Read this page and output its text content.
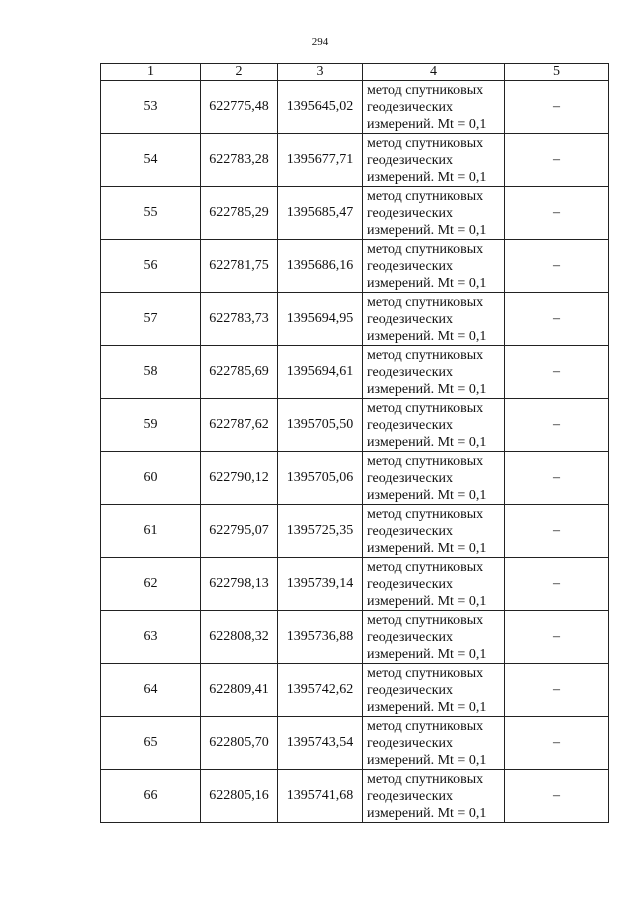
294
1	2	3	4	5
53	622775,48	1395645,02	метод спутниковых
геодезических
измерений. Mt = 0,1	–
54	622783,28	1395677,71	метод спутниковых
геодезических
измерений. Mt = 0,1	–
55	622785,29	1395685,47	метод спутниковых
геодезических
измерений. Mt = 0,1	–
56	622781,75	1395686,16	метод спутниковых
геодезических
измерений. Mt = 0,1	–
57	622783,73	1395694,95	метод спутниковых
геодезических
измерений. Mt = 0,1	–
58	622785,69	1395694,61	метод спутниковых
геодезических
измерений. Mt = 0,1	–
59	622787,62	1395705,50	метод спутниковых
геодезических
измерений. Mt = 0,1	–
60	622790,12	1395705,06	метод спутниковых
геодезических
измерений. Mt = 0,1	–
61	622795,07	1395725,35	метод спутниковых
геодезических
измерений. Mt = 0,1	–
62	622798,13	1395739,14	метод спутниковых
геодезических
измерений. Mt = 0,1	–
63	622808,32	1395736,88	метод спутниковых
геодезических
измерений. Mt = 0,1	–
64	622809,41	1395742,62	метод спутниковых
геодезических
измерений. Mt = 0,1	–
65	622805,70	1395743,54	метод спутниковых
геодезических
измерений. Mt = 0,1	–
66	622805,16	1395741,68	метод спутниковых
геодезических
измерений. Mt = 0,1	–
